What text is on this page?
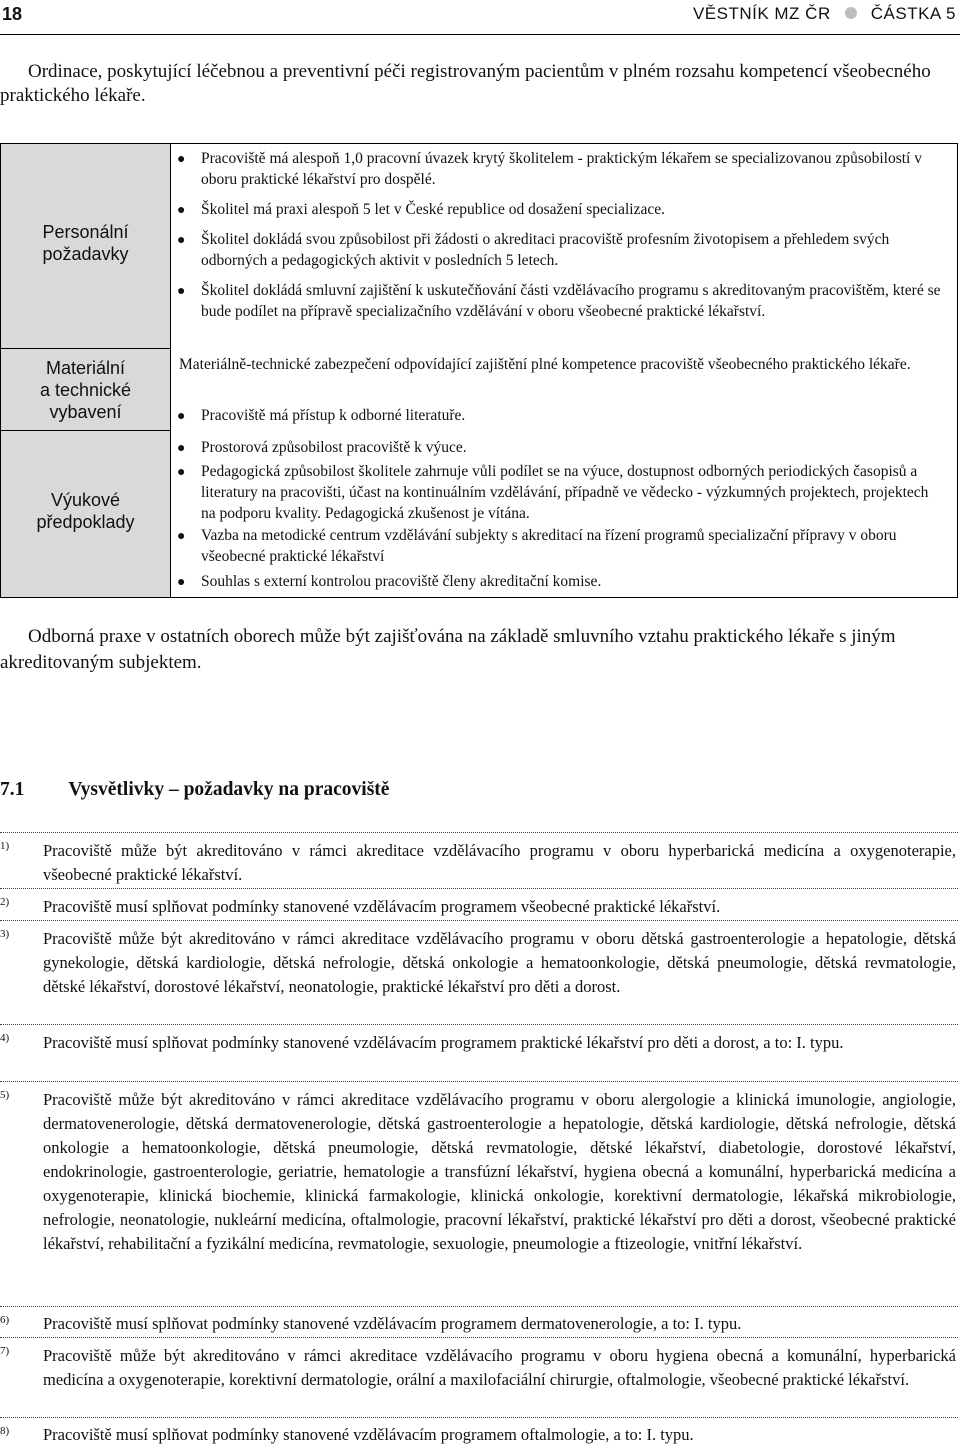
18	VĚSTNÍK MZ ČR ČÁSTKA 5
Ordinace, poskytující léčebnou a preventivní péči registrovaným pacientům v plném rozsahu kompetencí všeobecného praktického lékaře.
Personální
požadavky
Materiální
a technické
vybavení
Výukové
předpoklady
● Pracoviště má alespoň 1,0 pracovní úvazek krytý školitelem - praktickým lékařem se specializovanou způsobilostí v oboru praktické lékařství pro dospělé.
● Školitel má praxi alespoň 5 let v České republice od dosažení specializace.
● Školitel dokládá svou způsobilost při žádosti o akreditaci pracoviště profesním životopisem a přehledem svých odborných a pedagogických aktivit v posledních 5 letech.
● Školitel dokládá smluvní zajištění k uskutečňování části vzdělávacího programu s akreditovaným pracovištěm, které se bude podílet na přípravě specializačního vzdělávání v oboru všeobecné praktické lékařství.
Materiálně-technické zabezpečení odpovídající zajištění plné kompetence pracoviště všeobecného praktického lékaře.
● Pracoviště má přístup k odborné literatuře.
● Prostorová způsobilost pracoviště k výuce.
● Pedagogická způsobilost školitele zahrnuje vůli podílet se na výuce, dostupnost odborných periodických časopisů a literatury na pracovišti, účast na kontinuálním vzdělávání, případně ve vědecko - výzkumných projektech, projektech na podporu kvality. Pedagogická zkušenost je vítána.
● Vazba na metodické centrum vzdělávání subjekty s akreditací na řízení programů specializační přípravy v oboru všeobecné praktické lékařství
● Souhlas s externí kontrolou pracoviště členy akreditační komise.
Odborná praxe v ostatních oborech může být zajišťována na základě smluvního vztahu praktického lékaře s jiným akreditovaným subjektem.
7.1 Vysvětlivky – požadavky na pracoviště
1) Pracoviště může být akreditováno v rámci akreditace vzdělávacího programu v oboru hyperbarická medicína a oxygenoterapie, všeobecné praktické lékařství.
2) Pracoviště musí splňovat podmínky stanovené vzdělávacím programem všeobecné praktické lékařství.
3) Pracoviště může být akreditováno v rámci akreditace vzdělávacího programu v oboru dětská gastroenterologie a hepatologie, dětská gynekologie, dětská kardiologie, dětská nefrologie, dětská onkologie a hematoonkologie, dětská pneumologie, dětská revmatologie, dětské lékařství, dorostové lékařství, neonatologie, praktické lékařství pro děti a dorost.
4) Pracoviště musí splňovat podmínky stanovené vzdělávacím programem praktické lékařství pro děti a dorost, a to: I. typu.
5) Pracoviště může být akreditováno v rámci akreditace vzdělávacího programu v oboru alergologie a klinická imunologie, angiologie, dermatovenerologie, dětská dermatovenerologie, dětská gastroenterologie a hepatologie, dětská kardiologie, dětská nefrologie, dětská onkologie a hematoonkologie, dětská pneumologie, dětská revmatologie, dětské lékařství, diabetologie, dorostové lékařství, endokrinologie, gastroenterologie, geriatrie, hematologie a transfúzní lékařství, hygiena obecná a komunální, hyperbarická medicína a oxygenoterapie, klinická biochemie, klinická farmakologie, klinická onkologie, korektivní dermatologie, lékařská mikrobiologie, nefrologie, neonatologie, nukleární medicína, oftalmologie, pracovní lékařství, praktické lékařství pro děti a dorost, všeobecné praktické lékařství, rehabilitační a fyzikální medicína, revmatologie, sexuologie, pneumologie a ftizeologie, vnitřní lékařství.
6) Pracoviště musí splňovat podmínky stanovené vzdělávacím programem dermatovenerologie, a to: I. typu.
7) Pracoviště může být akreditováno v rámci akreditace vzdělávacího programu v oboru hygiena obecná a komunální, hyperbarická medicína a oxygenoterapie, korektivní dermatologie, orální a maxilofaciální chirurgie, oftalmologie, všeobecné praktické lékařství.
8) Pracoviště musí splňovat podmínky stanovené vzdělávacím programem oftalmologie, a to: I. typu.
